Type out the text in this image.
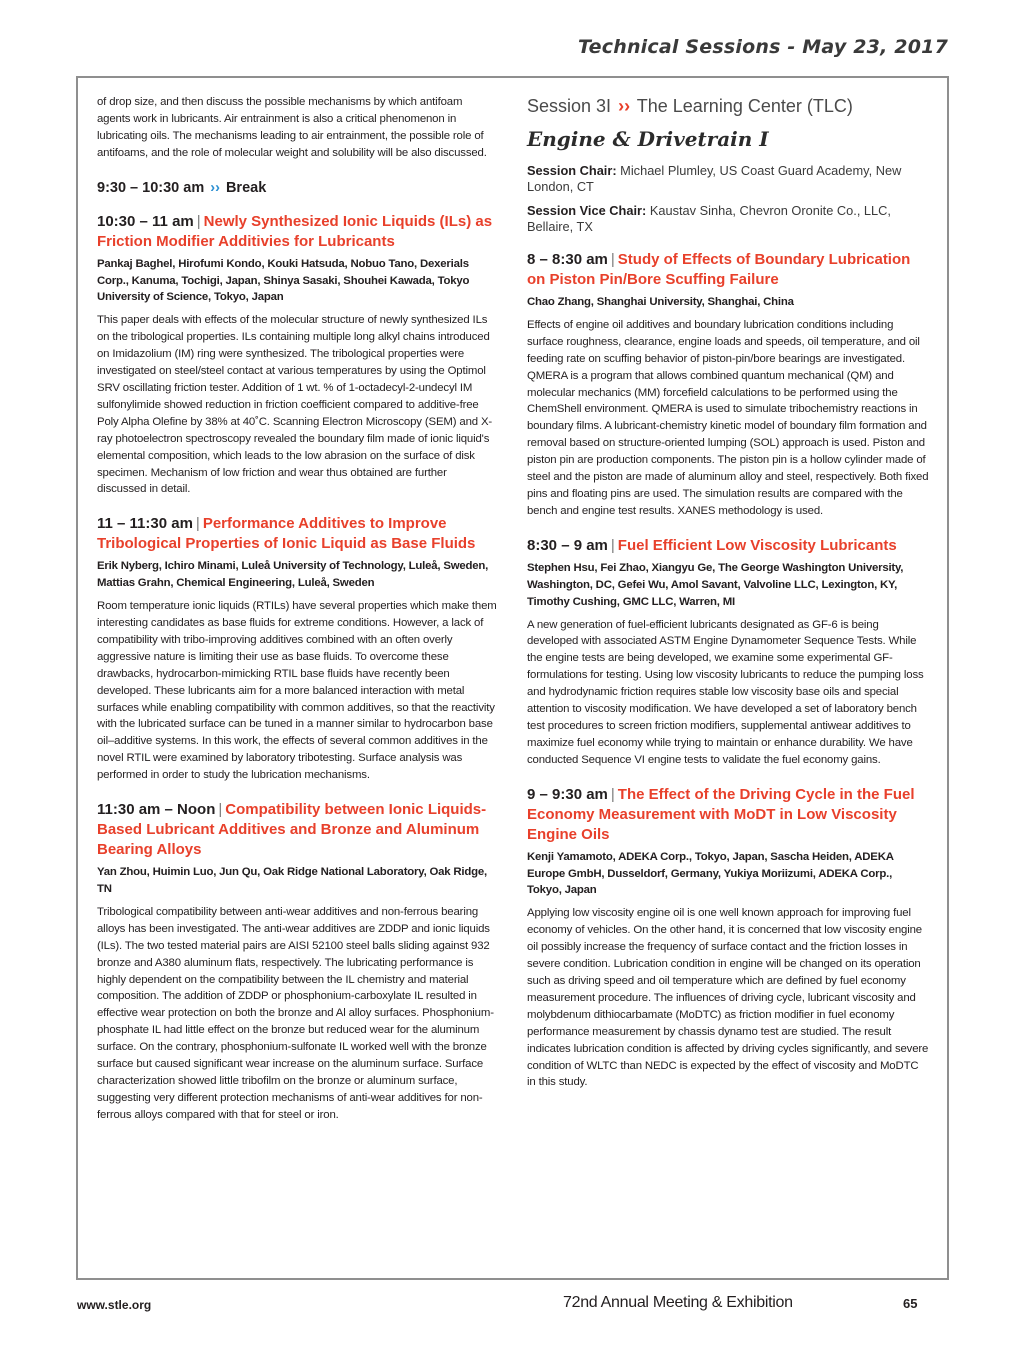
Technical Sessions - May 23, 2017

of drop size, and then discuss the possible mechanisms by which antifoam agents work in lubricants. Air entrainment is also a critical phenomenon in lubricating oils. The mechanisms leading to air entrainment, the possible role of antifoams, and the role of molecular weight and solubility will be also discussed.

9:30 – 10:30 am ›› Break
10:30 – 11 am | Newly Synthesized Ionic Liquids (ILs) as Friction Modifier Additivies for Lubricants

Pankaj Baghel, Hirofumi Kondo, Kouki Hatsuda, Nobuo Tano, Dexerials Corp., Kanuma, Tochigi, Japan, Shinya Sasaki, Shouhei Kawada, Tokyo University of Science, Tokyo, Japan

This paper deals with effects of the molecular structure of newly synthesized ILs on the tribological properties. ILs containing multiple long alkyl chains introduced on Imidazolium (IM) ring were synthesized. The tribological properties were investigated on steel/steel contact at various temperatures by using the Optimol SRV oscillating friction tester. Addition of 1 wt. % of 1-octadecyl-2-undecyl IM sulfonylimide showed reduction in friction coefficient compared to additive-free Poly Alpha Olefine by 38% at 40˚C. Scanning Electron Microscopy (SEM) and X-ray photoelectron spectroscopy revealed the boundary film made of ionic liquid's elemental composition, which leads to the low abrasion on the surface of disk specimen. Mechanism of low friction and wear thus obtained are further discussed in detail.

11 – 11:30 am | Performance Additives to Improve Tribological Properties of Ionic Liquid as Base Fluids

Erik Nyberg, Ichiro Minami, Luleå University of Technology, Luleå, Sweden, Mattias Grahn, Chemical Engineering, Luleå, Sweden

Room temperature ionic liquids (RTILs) have several properties which make them interesting candidates as base fluids for extreme conditions. However, a lack of compatibility with tribo-improving additives combined with an often overly aggressive nature is limiting their use as base fluids. To overcome these drawbacks, hydrocarbon-mimicking RTIL base fluids have recently been developed. These lubricants aim for a more balanced interaction with metal surfaces while enabling compatibility with common additives, so that the reactivity with the lubricated surface can be tuned in a manner similar to hydrocarbon base oil–additive systems. In this work, the effects of several common additives in the novel RTIL were examined by laboratory tribotesting. Surface analysis was performed in order to study the lubrication mechanisms.

11:30 am – Noon | Compatibility between Ionic Liquids-Based Lubricant Additives and Bronze and Aluminum Bearing Alloys

Yan Zhou, Huimin Luo, Jun Qu, Oak Ridge National Laboratory, Oak Ridge, TN

Tribological compatibility between anti-wear additives and non-ferrous bearing alloys has been investigated. The anti-wear additives are ZDDP and ionic liquids (ILs). The two tested material pairs are AISI 52100 steel balls sliding against 932 bronze and A380 aluminum flats, respectively. The lubricating performance is highly dependent on the compatibility between the IL chemistry and material composition. The addition of ZDDP or phosphonium-carboxylate IL resulted in effective wear protection on both the bronze and Al alloy surfaces. Phosphonium-phosphate IL had little effect on the bronze but reduced wear for the aluminum surface. On the contrary, phosphonium-sulfonate IL worked well with the bronze surface but caused significant wear increase on the aluminum surface. Surface characterization showed little tribofilm on the bronze or aluminum surface, suggesting very different protection mechanisms of anti-wear additives for non-ferrous alloys compared with that for steel or iron.

Session 3I ›› The Learning Center (TLC)
Engine & Drivetrain I

Session Chair: Michael Plumley, US Coast Guard Academy, New London, CT

Session Vice Chair: Kaustav Sinha, Chevron Oronite Co., LLC, Bellaire, TX

8 – 8:30 am | Study of Effects of Boundary Lubrication on Piston Pin/Bore Scuffing Failure

Chao Zhang, Shanghai University, Shanghai, China

Effects of engine oil additives and boundary lubrication conditions including surface roughness, clearance, engine loads and speeds, oil temperature, and oil feeding rate on scuffing behavior of piston-pin/bore bearings are investigated. QMERA is a program that allows combined quantum mechanical (QM) and molecular mechanics (MM) forcefield calculations to be performed using the ChemShell environment. QMERA is used to simulate tribochemistry reactions in boundary films. A lubricant-chemistry kinetic model of boundary film formation and removal based on structure-oriented lumping (SOL) approach is used. Piston and piston pin are production components. The piston pin is a hollow cylinder made of steel and the piston are made of aluminum alloy and steel, respectively. Both fixed pins and floating pins are used. The simulation results are compared with the bench and engine test results. XANES methodology is used.

8:30 – 9 am | Fuel Efficient Low Viscosity Lubricants

Stephen Hsu, Fei Zhao, Xiangyu Ge, The George Washington University, Washington, DC, Gefei Wu, Amol Savant, Valvoline LLC, Lexington, KY, Timothy Cushing, GMC LLC, Warren, MI

A new generation of fuel-efficient lubricants designated as GF-6 is being developed with associated ASTM Engine Dynamometer Sequence Tests. While the engine tests are being developed, we examine some experimental GF-formulations for testing. Using low viscosity lubricants to reduce the pumping loss and hydrodynamic friction requires stable low viscosity base oils and special attention to viscosity modification. We have developed a set of laboratory bench test procedures to screen friction modifiers, supplemental antiwear additives to maximize fuel economy while trying to maintain or enhance durability. We have conducted Sequence VI engine tests to validate the fuel economy gains.

9 – 9:30 am | The Effect of the Driving Cycle in the Fuel Economy Measurement with MoDT in Low Viscosity Engine Oils

Kenji Yamamoto, ADEKA Corp., Tokyo, Japan, Sascha Heiden, ADEKA Europe GmbH, Dusseldorf, Germany, Yukiya Moriizumi, ADEKA Corp., Tokyo, Japan

Applying low viscosity engine oil is one well known approach for improving fuel economy of vehicles. On the other hand, it is concerned that low viscosity engine oil possibly increase the frequency of surface contact and the friction losses in severe condition. Lubrication condition in engine will be changed on its operation such as driving speed and oil temperature which are defined by fuel economy measurement procedure. The influences of driving cycle, lubricant viscosity and molybdenum dithiocarbamate (MoDTC) as friction modifier in fuel economy performance measurement by chassis dynamo test are studied. The result indicates lubrication condition is affected by driving cycles significantly, and severe condition of WLTC than NEDC is expected by the effect of viscosity and MoDTC in this study.

www.stle.org	72nd Annual Meeting & Exhibition	65
